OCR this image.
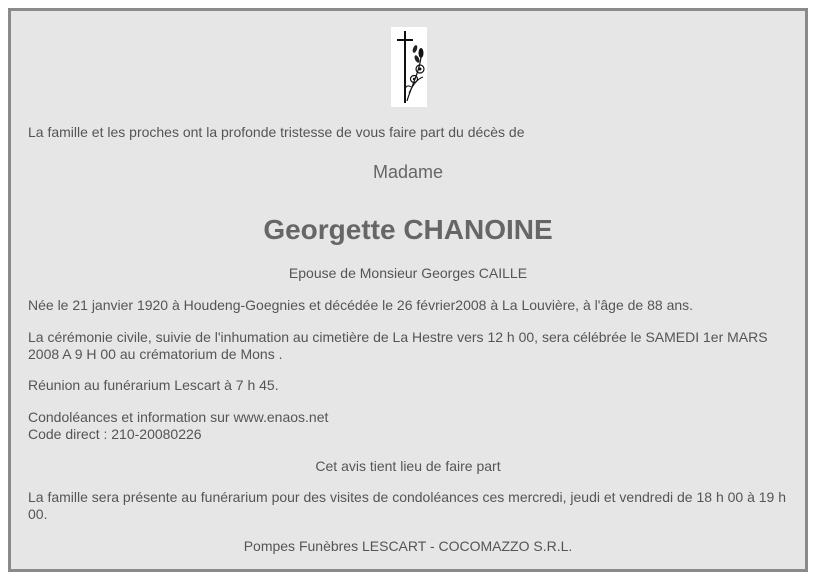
La famille et les proches ont la profonde tristesse de vous faire part du décès de

Madame

Georgette CHANOINE

Epouse de Monsieur Georges CAILLE

Née le 21 janvier 1920 à Houdeng-Goegnies et décédée le 26 février2008 à La Louvière, à l'âge de 88 ans.

La cérémonie civile, suivie de l'inhumation au cimetière de La Hestre vers 12 h 00, sera célébrée le SAMEDI 1er MARS 2008 A 9 H 00 au crématorium de Mons .

Réunion au funérarium Lescart à 7 h 45.

Condoléances et information sur www.enaos.net

Code direct : 210-20080226

Cet avis tient lieu de faire part

La famille sera présente au funérarium pour des visites de condoléances ces mercredi, jeudi et vendredi de 18 h 00 à 19 h 00.

Pompes Funèbres LESCART - COCOMAZZO S.R.L.
